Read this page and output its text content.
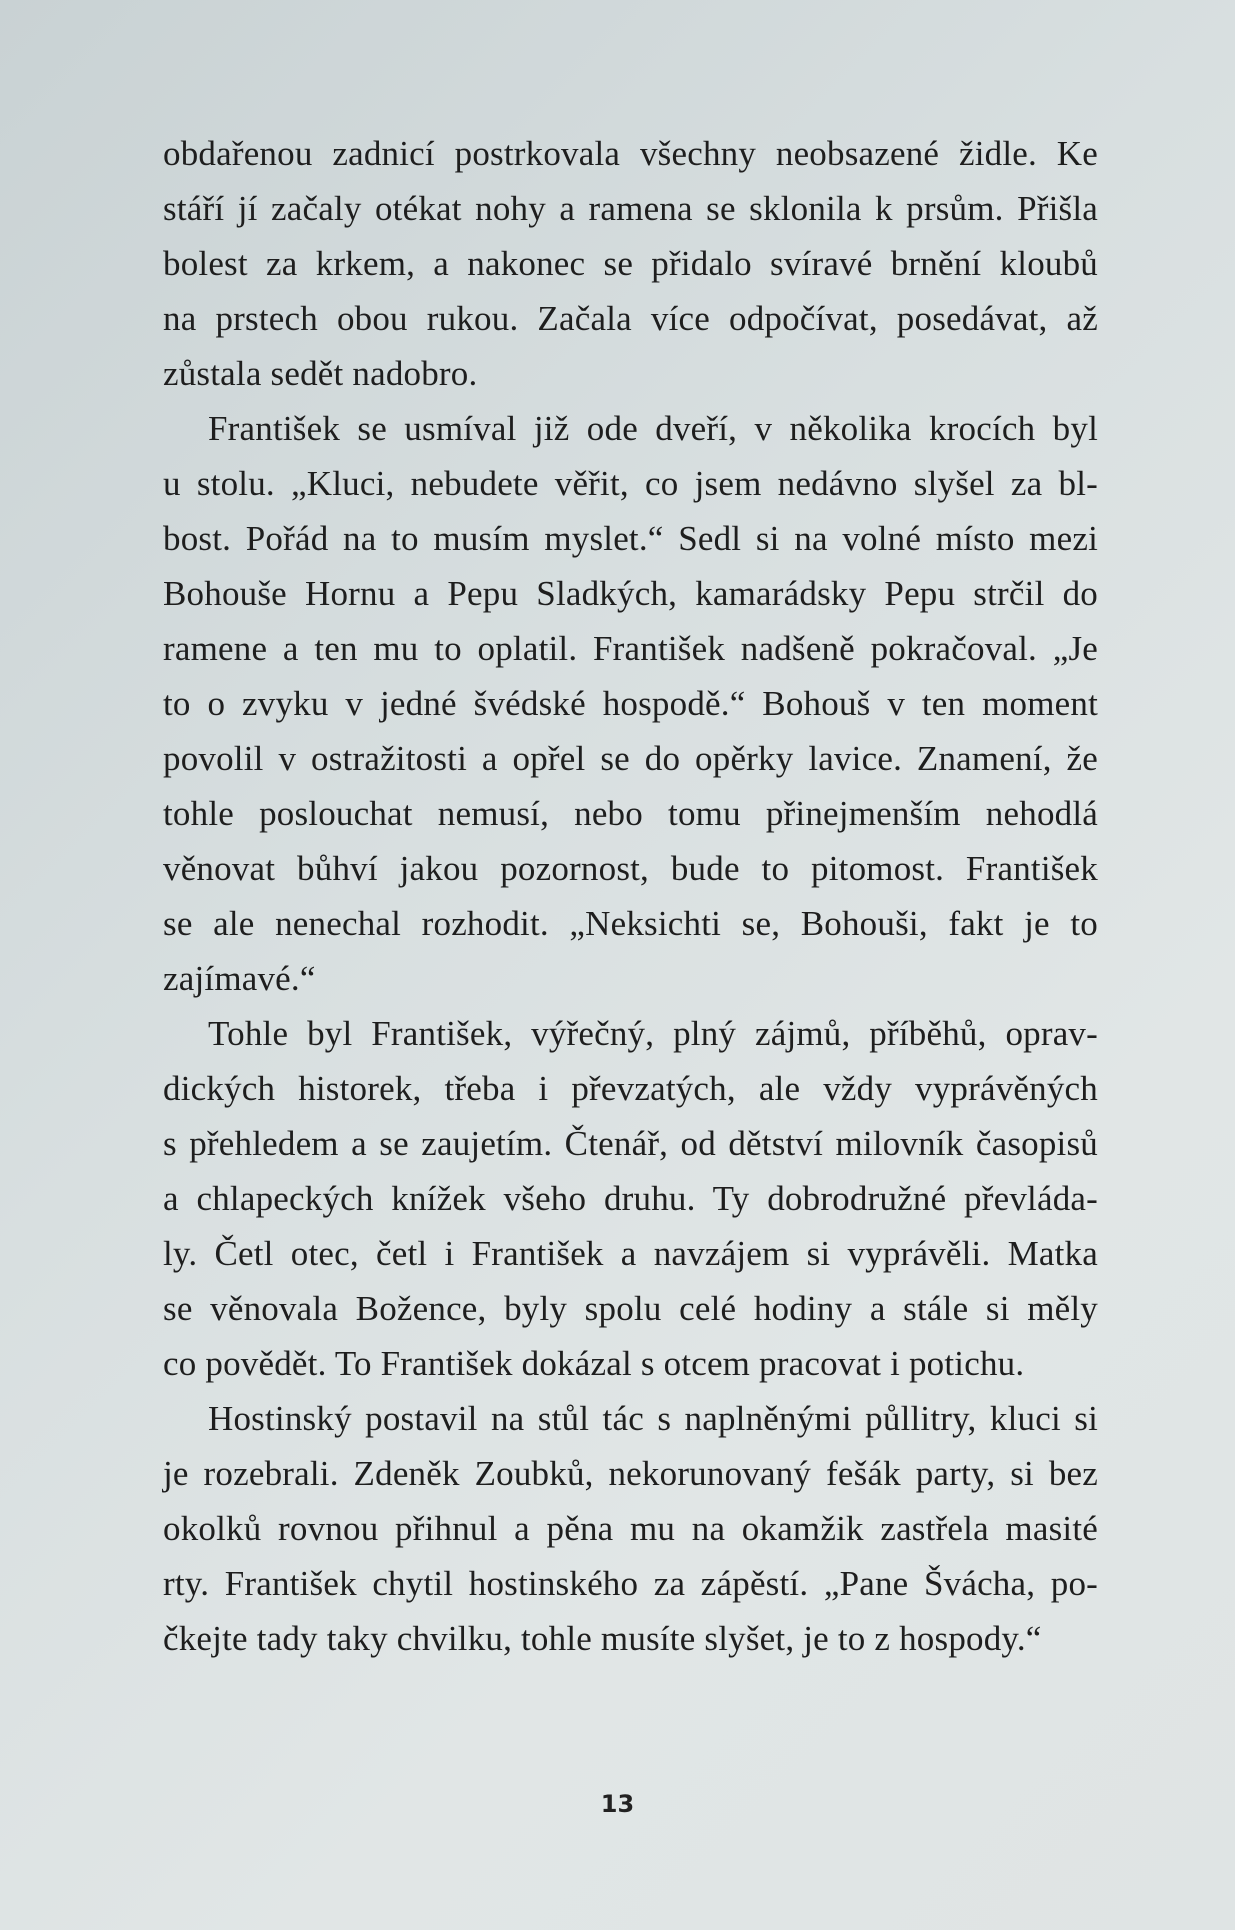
obdařenou zadnicí postrkovala všechny neobsazené židle. Ke
stáří jí začaly otékat nohy a ramena se sklonila k prsům. Přišla
bolest za krkem, a nakonec se přidalo svíravé brnění kloubů
na prstech obou rukou. Začala více odpočívat, posedávat, až
zůstala sedět nadobro.
František se usmíval již ode dveří, v několika krocích byl
u stolu. „Kluci, nebudete věřit, co jsem nedávno slyšel za bl-
bost. Pořád na to musím myslet.“ Sedl si na volné místo mezi
Bohouše Hornu a Pepu Sladkých, kamarádsky Pepu strčil do
ramene a ten mu to oplatil. František nadšeně pokračoval. „Je
to o zvyku v jedné švédské hospodě.“ Bohouš v ten moment
povolil v ostražitosti a opřel se do opěrky lavice. Znamení, že
tohle poslouchat nemusí, nebo tomu přinejmenším nehodlá
věnovat bůhví jakou pozornost, bude to pitomost. František
se ale nenechal rozhodit. „Neksichti se, Bohouši, fakt je to
zajímavé.“
Tohle byl František, výřečný, plný zájmů, příběhů, oprav-
dických historek, třeba i převzatých, ale vždy vyprávěných
s přehledem a se zaujetím. Čtenář, od dětství milovník časopisů
a chlapeckých knížek všeho druhu. Ty dobrodružné převláda-
ly. Četl otec, četl i František a navzájem si vyprávěli. Matka
se věnovala Božence, byly spolu celé hodiny a stále si měly
co povědět. To František dokázal s otcem pracovat i potichu.
Hostinský postavil na stůl tác s naplněnými půllitry, kluci si
je rozebrali. Zdeněk Zoubků, nekorunovaný fešák party, si bez
okolků rovnou přihnul a pěna mu na okamžik zastřela masité
rty. František chytil hostinského za zápěstí. „Pane Švácha, po-
čkejte tady taky chvilku, tohle musíte slyšet, je to z hospody.“
13
